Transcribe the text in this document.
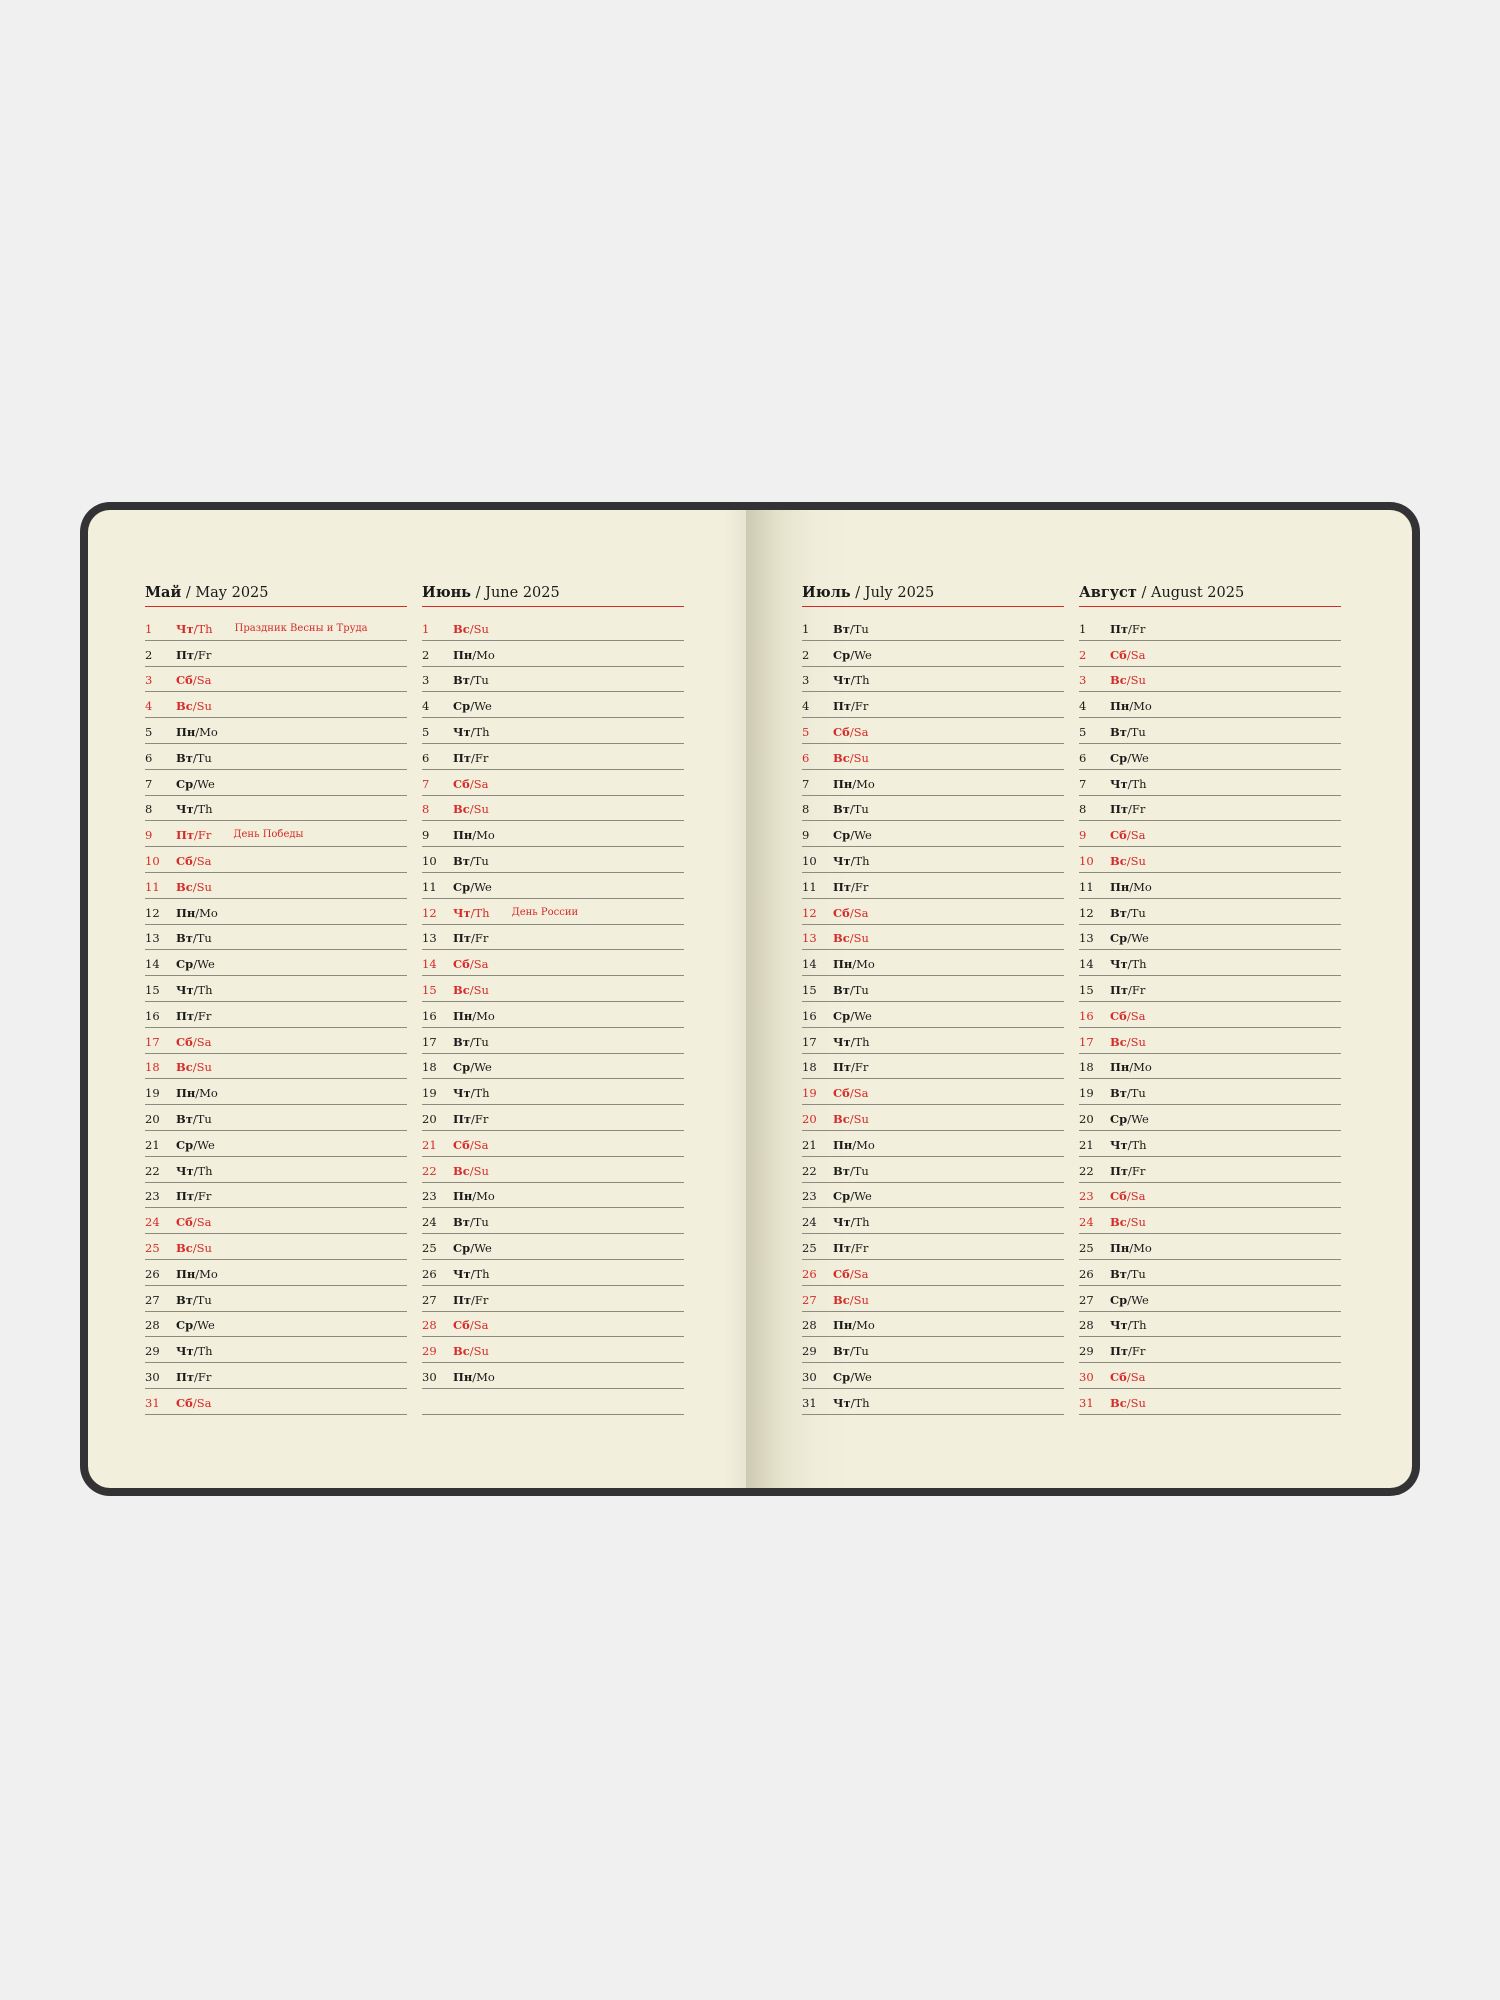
Май / May 2025
1	Чт / Th Праздник Весны и Труда
2	Пт / Fr
3	Сб / Sa
4	Вс / Su
5	Пн / Mo
6	Вт / Tu
7	Ср / We
8	Чт / Th
9	Пт / Fr День Победы
10	Сб / Sa
11	Вс / Su
12	Пн / Mo
13	Вт / Tu
14	Ср / We
15	Чт / Th
16	Пт / Fr
17	Сб / Sa
18	Вс / Su
19	Пн / Mo
20	Вт / Tu
21	Ср / We
22	Чт / Th
23	Пт / Fr
24	Сб / Sa
25	Вс / Su
26	Пн / Mo
27	Вт / Tu
28	Ср / We
29	Чт / Th
30	Пт / Fr
31	Сб / Sa
Июнь / June 2025
1	Вс / Su
2	Пн / Mo
3	Вт / Tu
4	Ср / We
5	Чт / Th
6	Пт / Fr
7	Сб / Sa
8	Вс / Su
9	Пн / Mo
10	Вт / Tu
11	Ср / We
12	Чт / Th День России
13	Пт / Fr
14	Сб / Sa
15	Вс / Su
16	Пн / Mo
17	Вт / Tu
18	Ср / We
19	Чт / Th
20	Пт / Fr
21	Сб / Sa
22	Вс / Su
23	Пн / Mo
24	Вт / Tu
25	Ср / We
26	Чт / Th
27	Пт / Fr
28	Сб / Sa
29	Вс / Su
30	Пн / Mo
Июль / July 2025
1	Вт / Tu
2	Ср / We
3	Чт / Th
4	Пт / Fr
5	Сб / Sa
6	Вс / Su
7	Пн / Mo
8	Вт / Tu
9	Ср / We
10	Чт / Th
11	Пт / Fr
12	Сб / Sa
13	Вс / Su
14	Пн / Mo
15	Вт / Tu
16	Ср / We
17	Чт / Th
18	Пт / Fr
19	Сб / Sa
20	Вс / Su
21	Пн / Mo
22	Вт / Tu
23	Ср / We
24	Чт / Th
25	Пт / Fr
26	Сб / Sa
27	Вс / Su
28	Пн / Mo
29	Вт / Tu
30	Ср / We
31	Чт / Th
Август / August 2025
1	Пт / Fr
2	Сб / Sa
3	Вс / Su
4	Пн / Mo
5	Вт / Tu
6	Ср / We
7	Чт / Th
8	Пт / Fr
9	Сб / Sa
10	Вс / Su
11	Пн / Mo
12	Вт / Tu
13	Ср / We
14	Чт / Th
15	Пт / Fr
16	Сб / Sa
17	Вс / Su
18	Пн / Mo
19	Вт / Tu
20	Ср / We
21	Чт / Th
22	Пт / Fr
23	Сб / Sa
24	Вс / Su
25	Пн / Mo
26	Вт / Tu
27	Ср / We
28	Чт / Th
29	Пт / Fr
30	Сб / Sa
31	Вс / Su
